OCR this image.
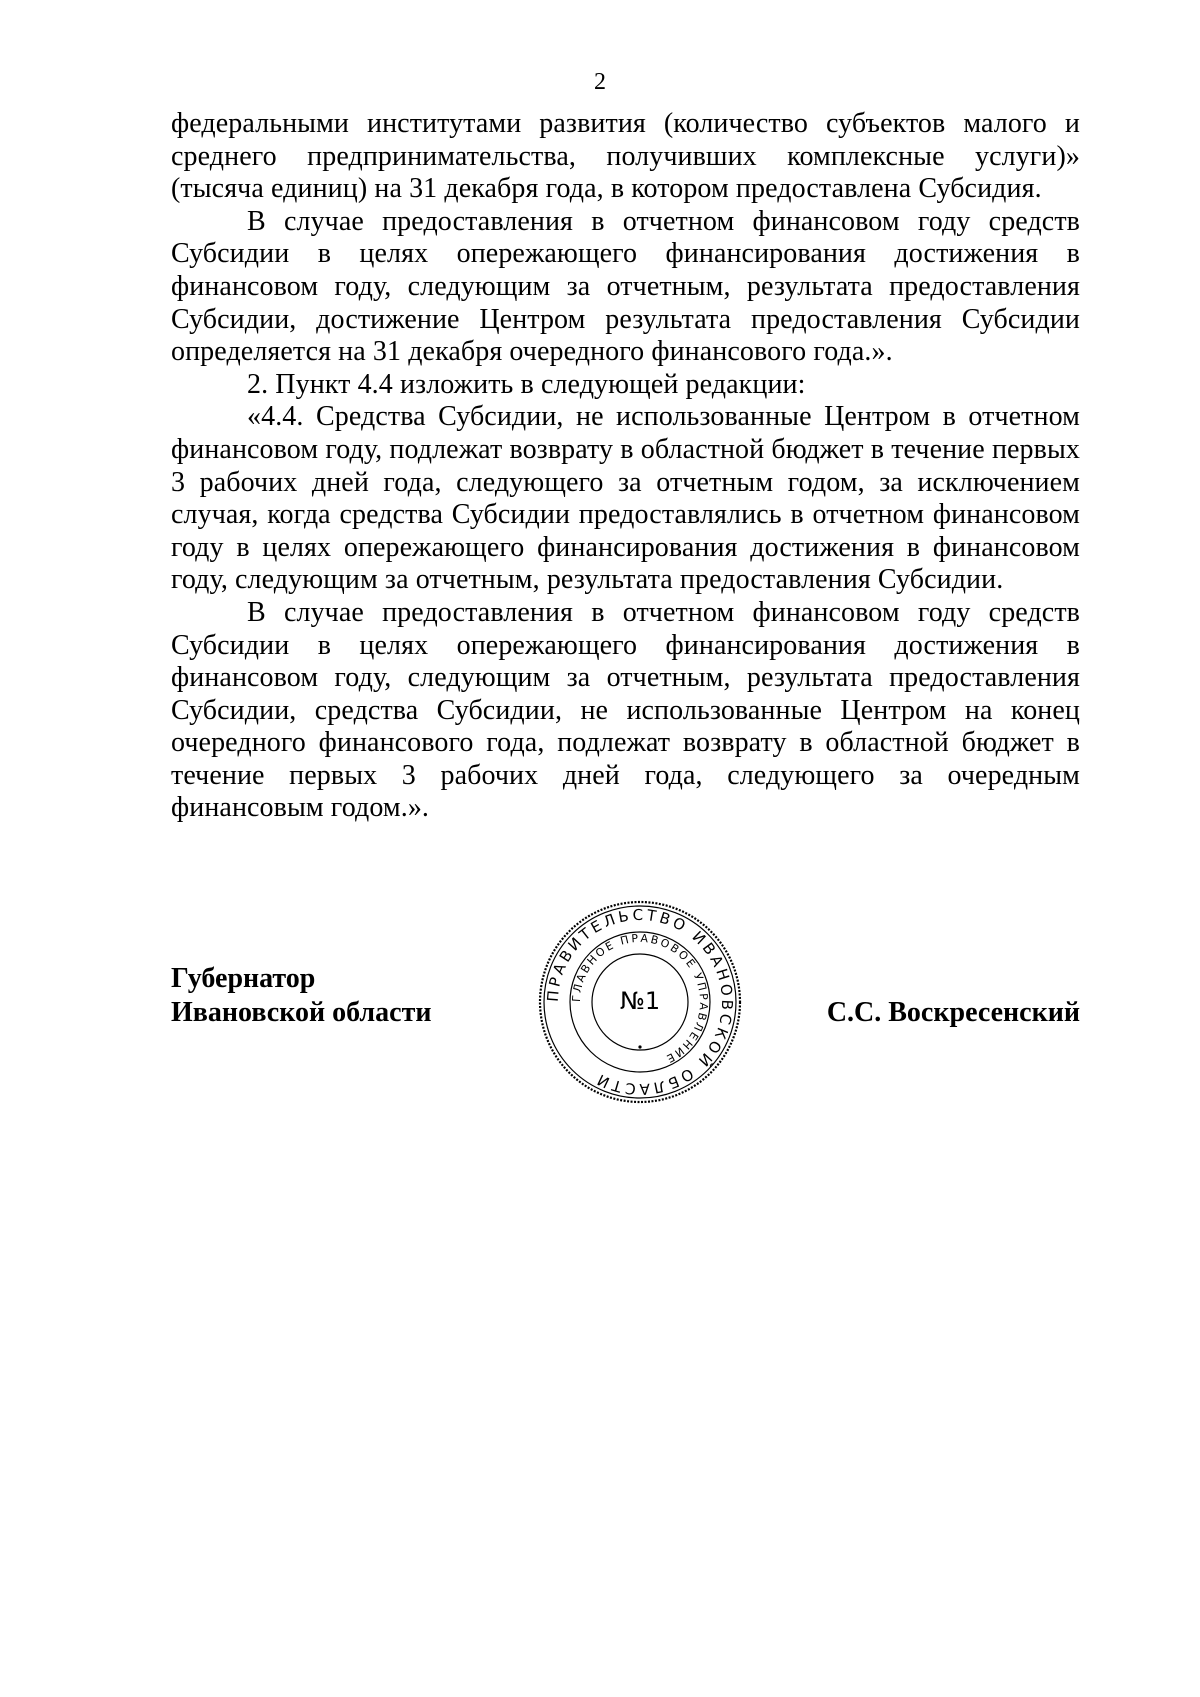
2

федеральными институтами развития (количество субъектов малого и среднего предпринимательства, получивших комплексные услуги)» (тысяча единиц) на 31 декабря года, в котором предоставлена Субсидия.

В случае предоставления в отчетном финансовом году средств Субсидии в целях опережающего финансирования достижения в финансовом году, следующим за отчетным, результата предоставления Субсидии, достижение Центром результата предоставления Субсидии определяется на 31 декабря очередного финансового года.».

2. Пункт 4.4 изложить в следующей редакции:

«4.4. Средства Субсидии, не использованные Центром в отчетном финансовом году, подлежат возврату в областной бюджет в течение первых 3 рабочих дней года, следующего за отчетным годом, за исключением случая, когда средства Субсидии предоставлялись в отчетном финансовом году в целях опережающего финансирования достижения в финансовом году, следующим за отчетным, результата предоставления Субсидии.

В случае предоставления в отчетном финансовом году средств Субсидии в целях опережающего финансирования достижения в финансовом году, следующим за отчетным, результата предоставления Субсидии, средства Субсидии, не использованные Центром на конец очередного финансового года, подлежат возврату в областной бюджет в течение первых 3 рабочих дней года, следующего за очередным финансовым годом.».

Губернатор
Ивановской области
ПРАВИТЕЛЬСТВО ИВАНОВСКОЙ ОБЛАСТИ
ГЛАВНОЕ ПРАВОВОЕ УПРАВЛЕНИЕ
№1	С.С. Воскресенский
